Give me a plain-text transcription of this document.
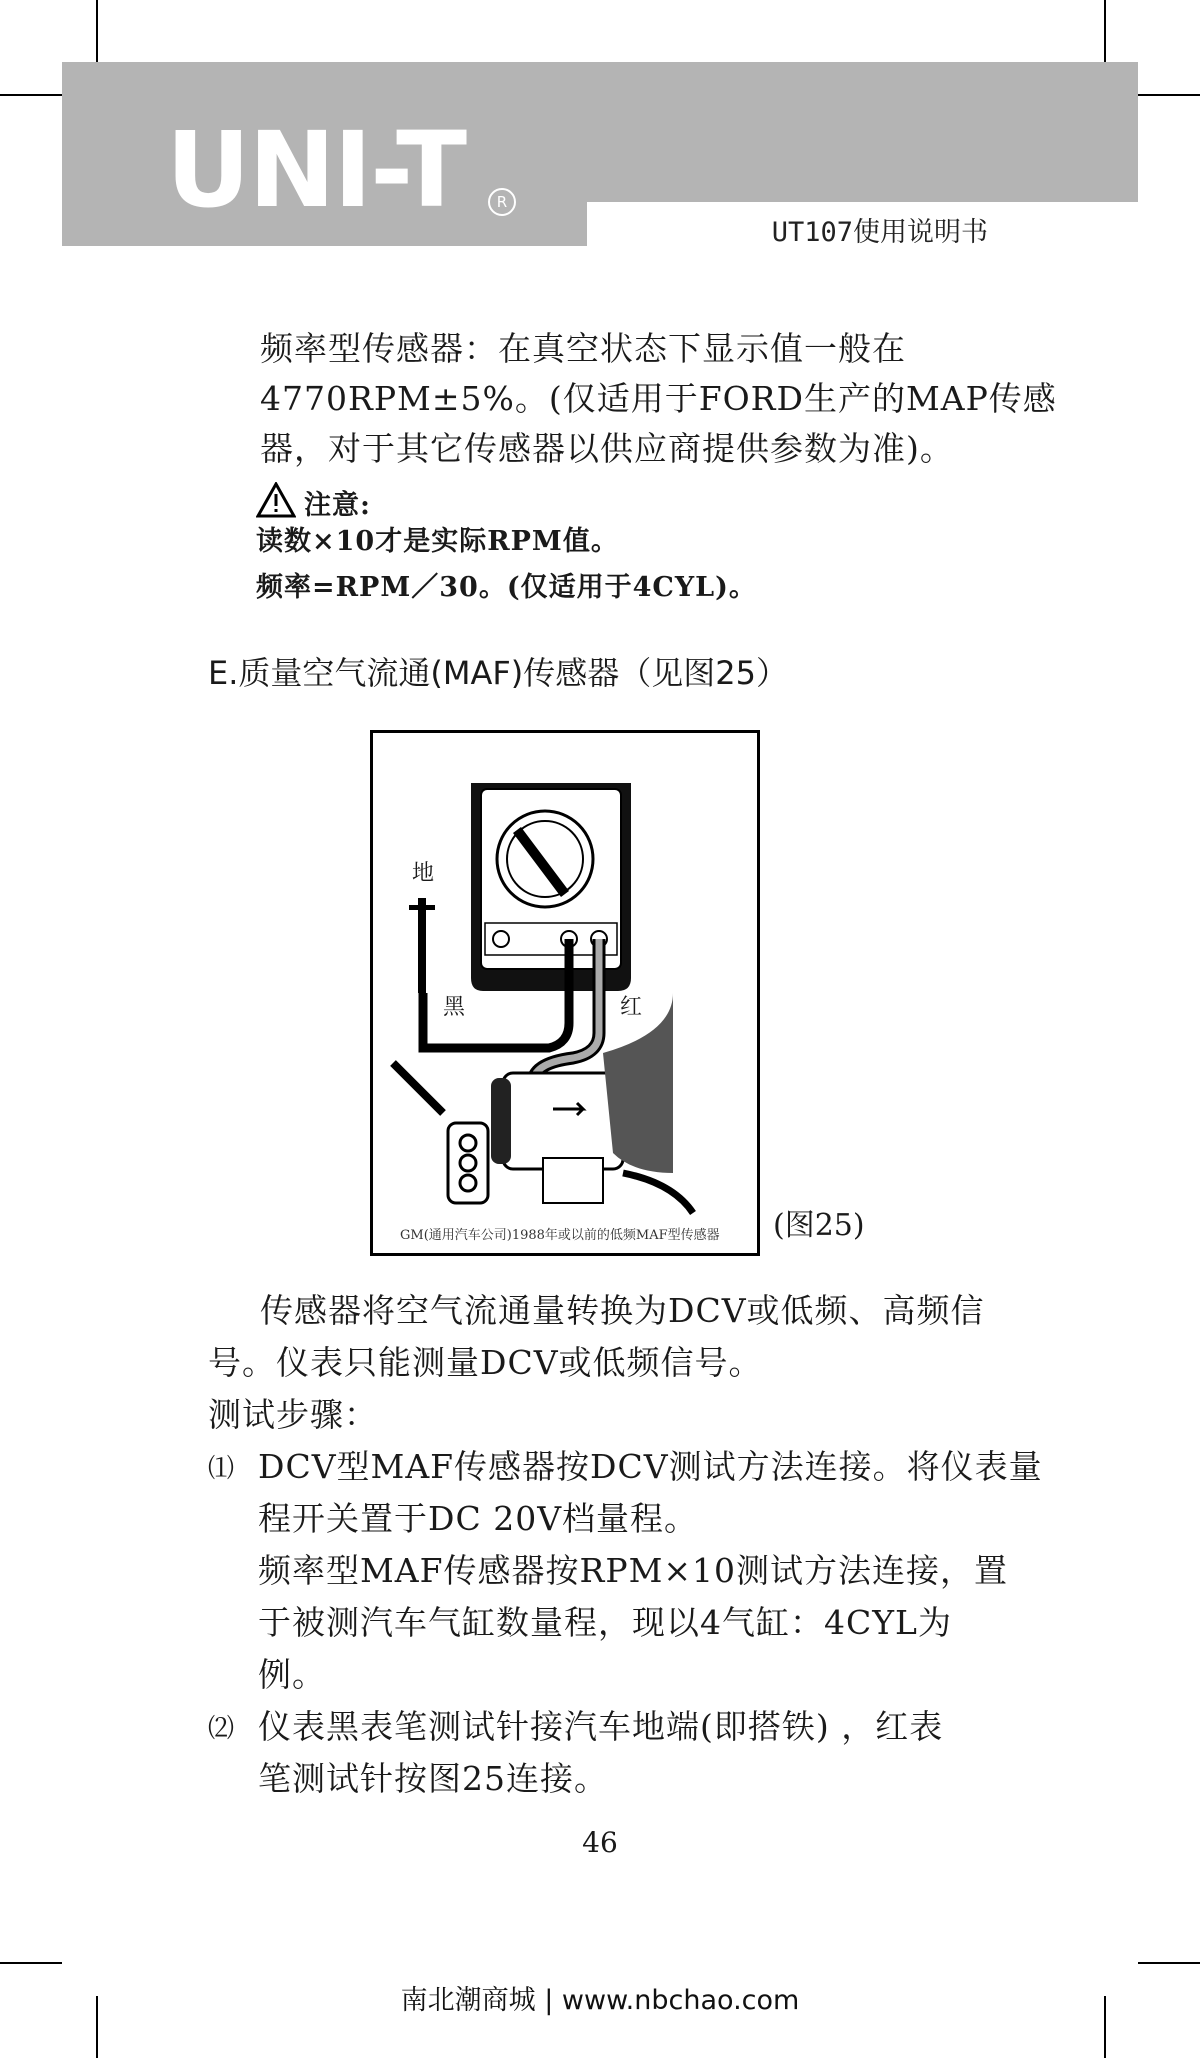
UNI-T	R
UT107使用说明书
频率型传感器：在真空状态下显示值一般在
4770RPM±5%。(仅适用于FORD生产的MAP传感
器，对于其它传感器以供应商提供参数为准)。
注意:
读数×10才是实际RPM值。
频率=RPM／30。(仅适用于4CYL)。
E.质量空气流通(MAF)传感器（见图25）
地
黑	红
GM(通用汽车公司)1988年或以前的低频MAF型传感器 (图25)
传感器将空气流通量转换为DCV或低频、高频信
号。仪表只能测量DCV或低频信号。
测试步骤：
⑴ DCV型MAF传感器按DCV测试方法连接。将仪表量
程开关置于DC 20V档量程。
频率型MAF传感器按RPM×10测试方法连接，置
于被测汽车气缸数量程，现以4气缸：4CYL为
例。
⑵ 仪表黑表笔测试针接汽车地端(即搭铁) ，红表
笔测试针按图25连接。
46
南北潮商城 | www.nbchao.com
